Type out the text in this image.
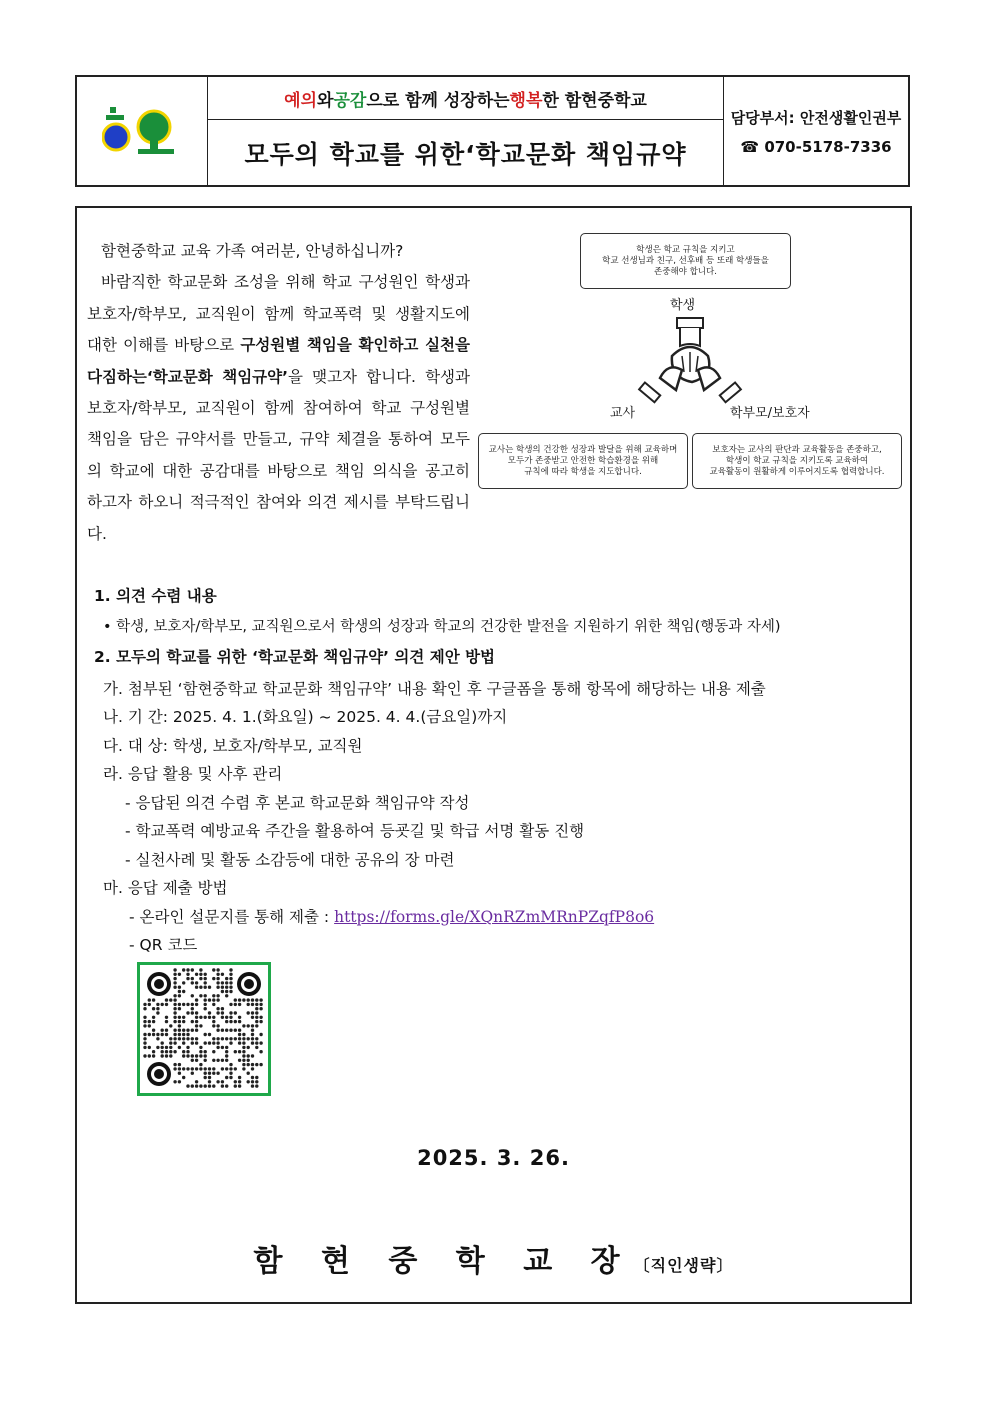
함현
예의 와 공감 으로 함께 성장하는 행복 한 함현중학교
모두의 학교를 위한‘학교문화 책임규약
담당부서: 안전생활인권부
☎ 070-5178-7336

함현중학교 교육 가족 여러분, 안녕하십니까?

바람직한 학교문화 조성을 위해 학교 구성원인 학생과 보호자/학부모, 교직원이 함께 학교폭력 및 생활지도에 대한 이해를 바탕으로 구성원별 책임을 확인하고 실천을 다짐하는‘학교문화 책임규약’을 맺고자 합니다. 학생과 보호자/학부모, 교직원이 함께 참여하여 학교 구성원별 책임을 담은 규약서를 만들고, 규약 체결을 통하여 모두의 학교에 대한 공감대를 바탕으로 책임 의식을 공고히 하고자 하오니 적극적인 참여와 의견 제시를 부탁드립니다.

학생은 학교 규칙을 지키고
학교 선생님과 친구, 선후배 등 또래 학생들을
존중해야 합니다.
학생
교사	학부모/보호자
교사는 학생의 건강한 성장과 발달을 위해 교육하며
모두가 존중받고 안전한 학습환경을 위해
규칙에 따라 학생을 지도합니다.
보호자는 교사의 판단과 교육활동을 존중하고,
학생이 학교 규칙을 지키도록 교육하여
교육활동이 원활하게 이루어지도록 협력합니다.
1. 의견 수렴 내용
• 학생, 보호자/학부모, 교직원으로서 학생의 성장과 학교의 건강한 발전을 지원하기 위한 책임(행동과 자세)
2. 모두의 학교를 위한 ‘학교문화 책임규약’ 의견 제안 방법
가. 첨부된 ‘함현중학교 학교문화 책임규약’ 내용 확인 후 구글폼을 통해 항목에 해당하는 내용 제출
나. 기 간: 2025. 4. 1.(화요일) ~ 2025. 4. 4.(금요일)까지
다. 대 상: 학생, 보호자/학부모, 교직원
라. 응답 활용 및 사후 관리
- 응답된 의견 수렴 후 본교 학교문화 책임규약 작성
- 학교폭력 예방교육 주간을 활용하여 등굣길 및 학급 서명 활동 진행
- 실천사례 및 활동 소감등에 대한 공유의 장 마련
마. 응답 제출 방법
- 온라인 설문지를 통해 제출 : https://forms.gle/XQnRZmMRnPZqfP8o6
- QR 코드
2025. 3. 26.
함 현 중 학 교 장〔직인생략〕
